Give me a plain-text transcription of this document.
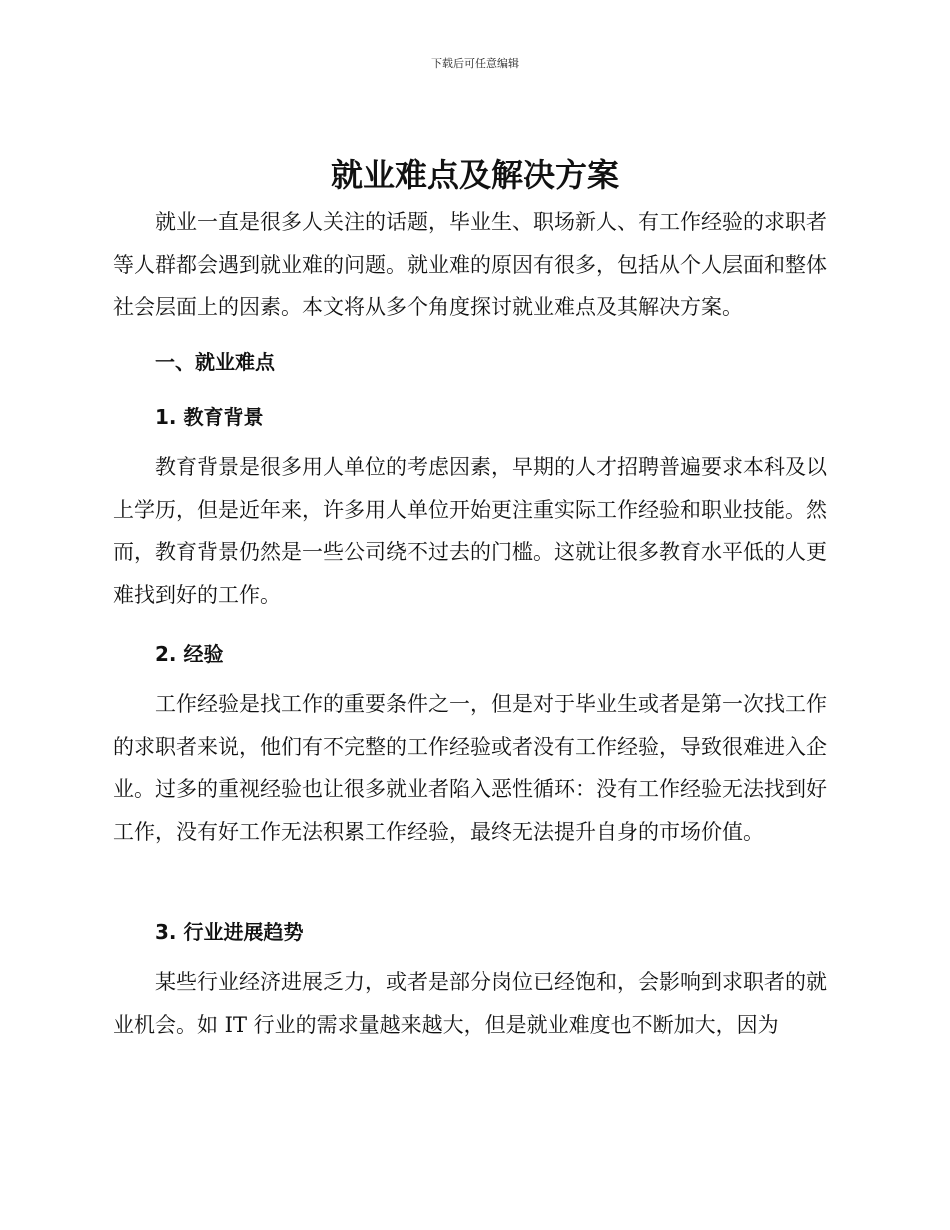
下载后可任意编辑
就业难点及解决方案

就业一直是很多人关注的话题，毕业生、职场新人、有工作经验的求职者等人群都会遇到就业难的问题。就业难的原因有很多，包括从个人层面和整体社会层面上的因素。本文将从多个角度探讨就业难点及其解决方案。

一、就业难点
1. 教育背景

教育背景是很多用人单位的考虑因素，早期的人才招聘普遍要求本科及以上学历，但是近年来，许多用人单位开始更注重实际工作经验和职业技能。然而，教育背景仍然是一些公司绕不过去的门槛。这就让很多教育水平低的人更难找到好的工作。

2. 经验

工作经验是找工作的重要条件之一，但是对于毕业生或者是第一次找工作的求职者来说，他们有不完整的工作经验或者没有工作经验，导致很难进入企业。过多的重视经验也让很多就业者陷入恶性循环：没有工作经验无法找到好工作，没有好工作无法积累工作经验，最终无法提升自身的市场价值。

3. 行业进展趋势

某些行业经济进展乏力，或者是部分岗位已经饱和，会影响到求职者的就业机会。如 IT 行业的需求量越来越大，但是就业难度也不断加大，因为
